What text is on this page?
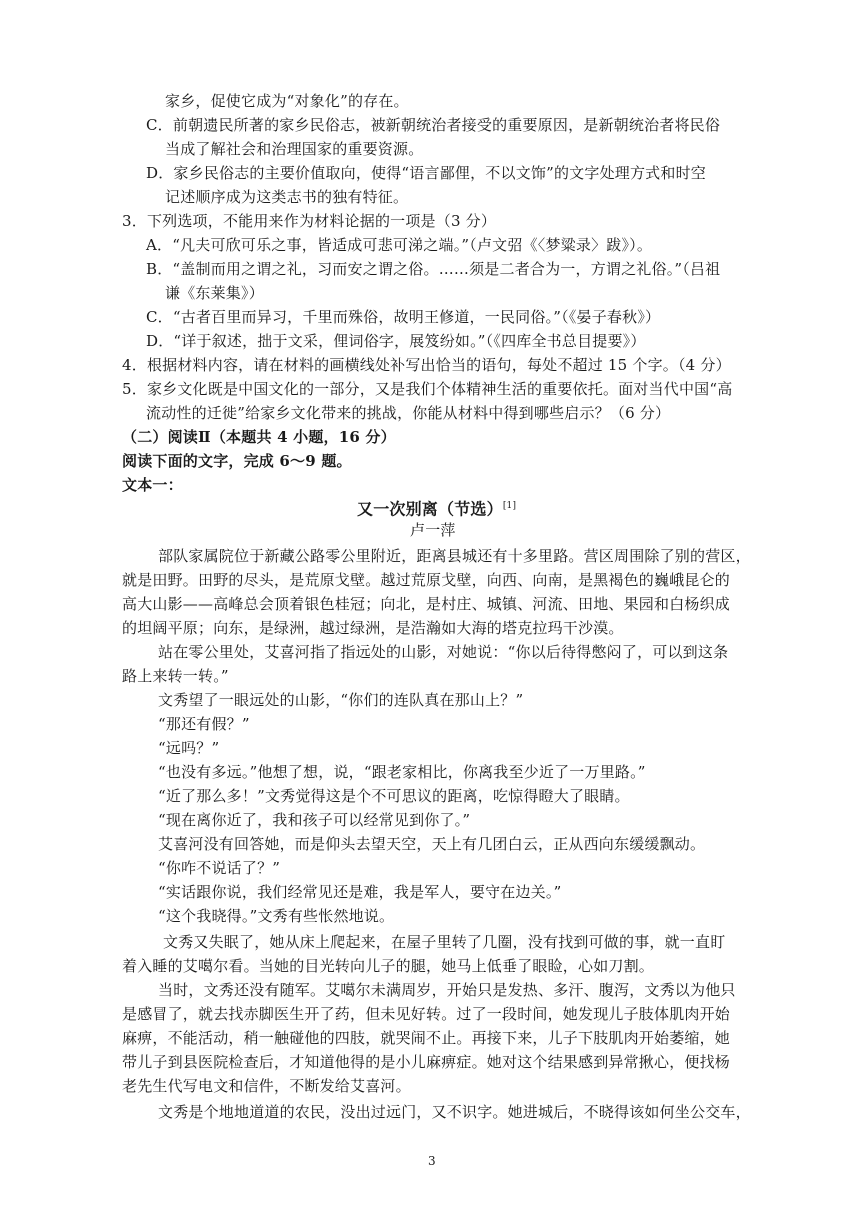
家乡，促使它成为“对象化”的存在。
C．前朝遗民所著的家乡民俗志，被新朝统治者接受的重要原因，是新朝统治者将民俗
当成了解社会和治理国家的重要资源。
D．家乡民俗志的主要价值取向，使得“语言鄙俚，不以文饰”的文字处理方式和时空
记述顺序成为这类志书的独有特征。
3．下列选项，不能用来作为材料论据的一项是（3 分）
A．“凡夫可欣可乐之事，皆适成可悲可涕之端。”（卢文弨《〈梦粱录〉跋》）。
B．“盖制而用之谓之礼，习而安之谓之俗。……须是二者合为一，方谓之礼俗。”（吕祖
谦《东莱集》）
C．“古者百里而异习，千里而殊俗，故明王修道，一民同俗。”（《晏子春秋》）
D．“详于叙述，拙于文采，俚词俗字，展笈纷如。”（《四库全书总目提要》）
4．根据材料内容，请在材料的画横线处补写出恰当的语句，每处不超过 15 个字。（4 分）
5．家乡文化既是中国文化的一部分，又是我们个体精神生活的重要依托。面对当代中国“高
流动性的迁徙”给家乡文化带来的挑战，你能从材料中得到哪些启示？（6 分）
（二）阅读Ⅱ（本题共 4 小题，16 分）
阅读下面的文字，完成 6～9 题。
文本一：
又一次别离（节选）[1]
卢一萍
部队家属院位于新藏公路零公里附近，距离县城还有十多里路。营区周围除了别的营区，
就是田野。田野的尽头，是荒原戈壁。越过荒原戈壁，向西、向南，是黑褐色的巍峨昆仑的
高大山影——高峰总会顶着银色桂冠；向北，是村庄、城镇、河流、田地、果园和白杨织成
的坦阔平原；向东，是绿洲，越过绿洲，是浩瀚如大海的塔克拉玛干沙漠。
站在零公里处，艾喜河指了指远处的山影，对她说：“你以后待得憋闷了，可以到这条
路上来转一转。”
文秀望了一眼远处的山影，“你们的连队真在那山上？”
“那还有假？”
“远吗？”
“也没有多远。”他想了想，说，“跟老家相比，你离我至少近了一万里路。”
“近了那么多！”文秀觉得这是个不可思议的距离，吃惊得瞪大了眼睛。
“现在离你近了，我和孩子可以经常见到你了。”
艾喜河没有回答她，而是仰头去望天空，天上有几团白云，正从西向东缓缓飘动。
“你咋不说话了？”
“实话跟你说，我们经常见还是难，我是军人，要守在边关。”
“这个我晓得。”文秀有些怅然地说。
文秀又失眠了，她从床上爬起来，在屋子里转了几圈，没有找到可做的事，就一直盯
着入睡的艾噶尔看。当她的目光转向儿子的腿，她马上低垂了眼睑，心如刀割。
当时，文秀还没有随军。艾噶尔未满周岁，开始只是发热、多汗、腹泻，文秀以为他只
是感冒了，就去找赤脚医生开了药，但未见好转。过了一段时间，她发现儿子肢体肌肉开始
麻痹，不能活动，稍一触碰他的四肢，就哭闹不止。再接下来，儿子下肢肌肉开始萎缩，她
带儿子到县医院检查后，才知道他得的是小儿麻痹症。她对这个结果感到异常揪心，便找杨
老先生代写电文和信件，不断发给艾喜河。
文秀是个地地道道的农民，没出过远门，又不识字。她进城后，不晓得该如何坐公交车，
3
